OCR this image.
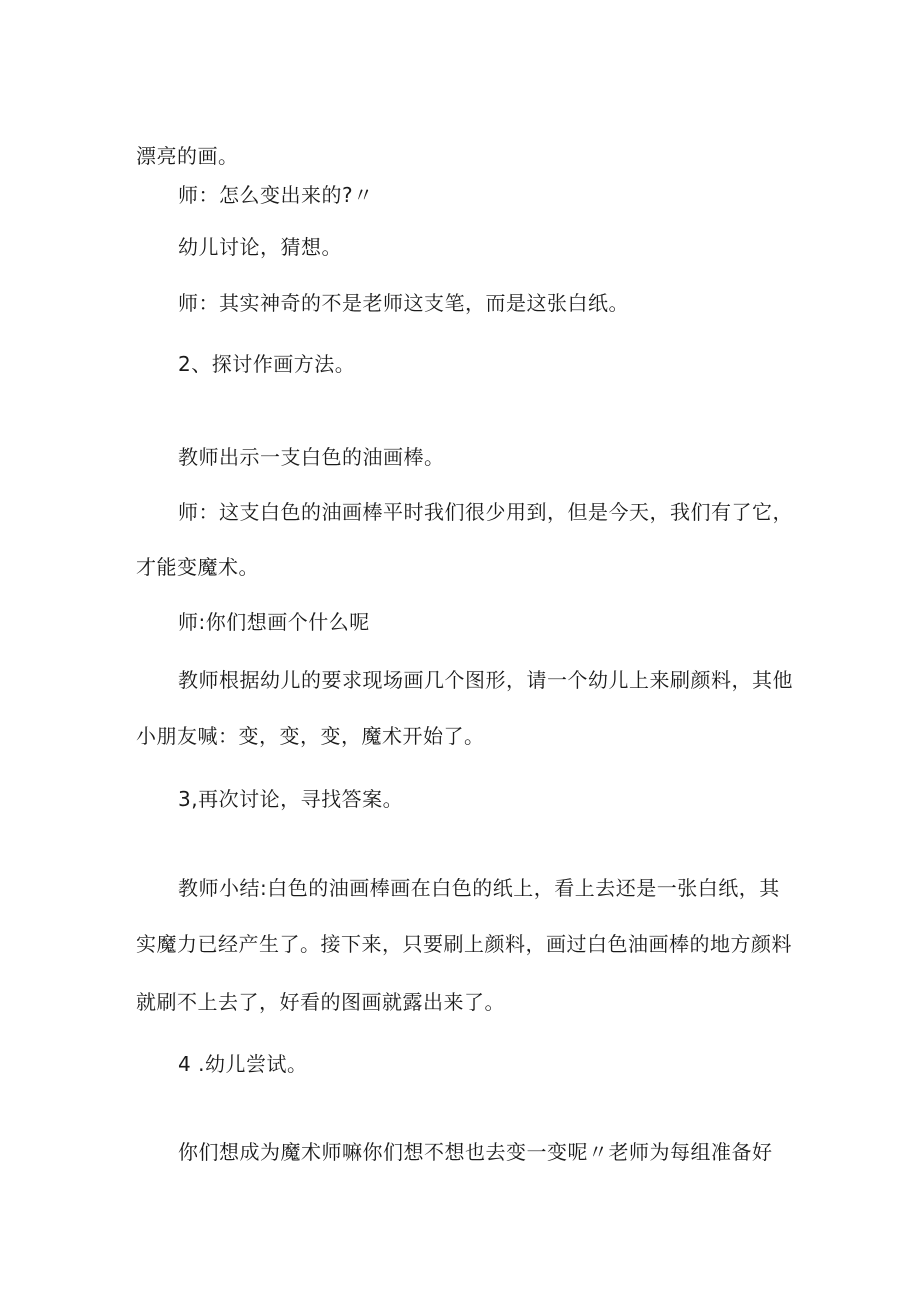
漂亮的画。

师：怎么变出来的?〃

幼儿讨论，猜想。

师：其实神奇的不是老师这支笔，而是这张白纸。

2、探讨作画方法。

教师出示一支白色的油画棒。

师：这支白色的油画棒平时我们很少用到，但是今天，我们有了它，

才能变魔术。

师:你们想画个什么呢

教师根据幼儿的要求现场画几个图形，请一个幼儿上来刷颜料，其他

小朋友喊：变，变，变，魔术开始了。

3,再次讨论，寻找答案。

教师小结:白色的油画棒画在白色的纸上，看上去还是一张白纸，其

实魔力已经产生了。接下来，只要刷上颜料，画过白色油画棒的地方颜料

就刷不上去了，好看的图画就露出来了。

4 .幼儿尝试。

你们想成为魔术师嘛你们想不想也去变一变呢〃老师为每组准备好
